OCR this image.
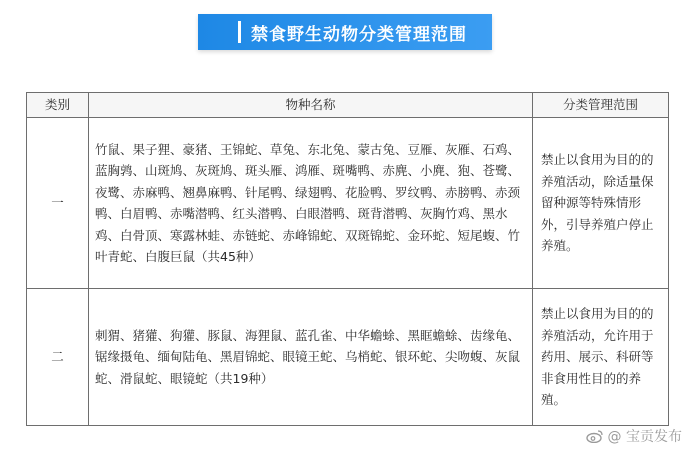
禁食野生动物分类管理范围
类别	物种名称	分类管理范围
一	竹鼠、果子狸、豪猪、王锦蛇、草兔、东北兔、蒙古兔、豆雁、灰雁、石鸡、蓝胸鹑、山斑鸠、灰斑鸠、斑头雁、鸿雁、斑嘴鸭、赤麂、小麂、狍、苍鹭、夜鹭、赤麻鸭、翘鼻麻鸭、针尾鸭、绿翅鸭、花脸鸭、罗纹鸭、赤膀鸭、赤颈鸭、白眉鸭、赤嘴潜鸭、红头潜鸭、白眼潜鸭、斑背潜鸭、灰胸竹鸡、黑水鸡、白骨顶、寒露林蛙、赤链蛇、赤峰锦蛇、双斑锦蛇、金环蛇、短尾蝮、竹叶青蛇、白腹巨鼠（共45种）	禁止以食用为目的的养殖活动，除适量保留种源等特殊情形外，引导养殖户停止养殖。
二	刺猬、猪獾、狗獾、豚鼠、海狸鼠、蓝孔雀、中华蟾蜍、黑眶蟾蜍、齿缘龟、锯缘摄龟、缅甸陆龟、黑眉锦蛇、眼镜王蛇、乌梢蛇、银环蛇、尖吻蝮、灰鼠蛇、滑鼠蛇、眼镜蛇（共19种）	禁止以食用为目的的养殖活动，允许用于药用、展示、科研等非食用性目的的养殖。
@ 宝贡发布
